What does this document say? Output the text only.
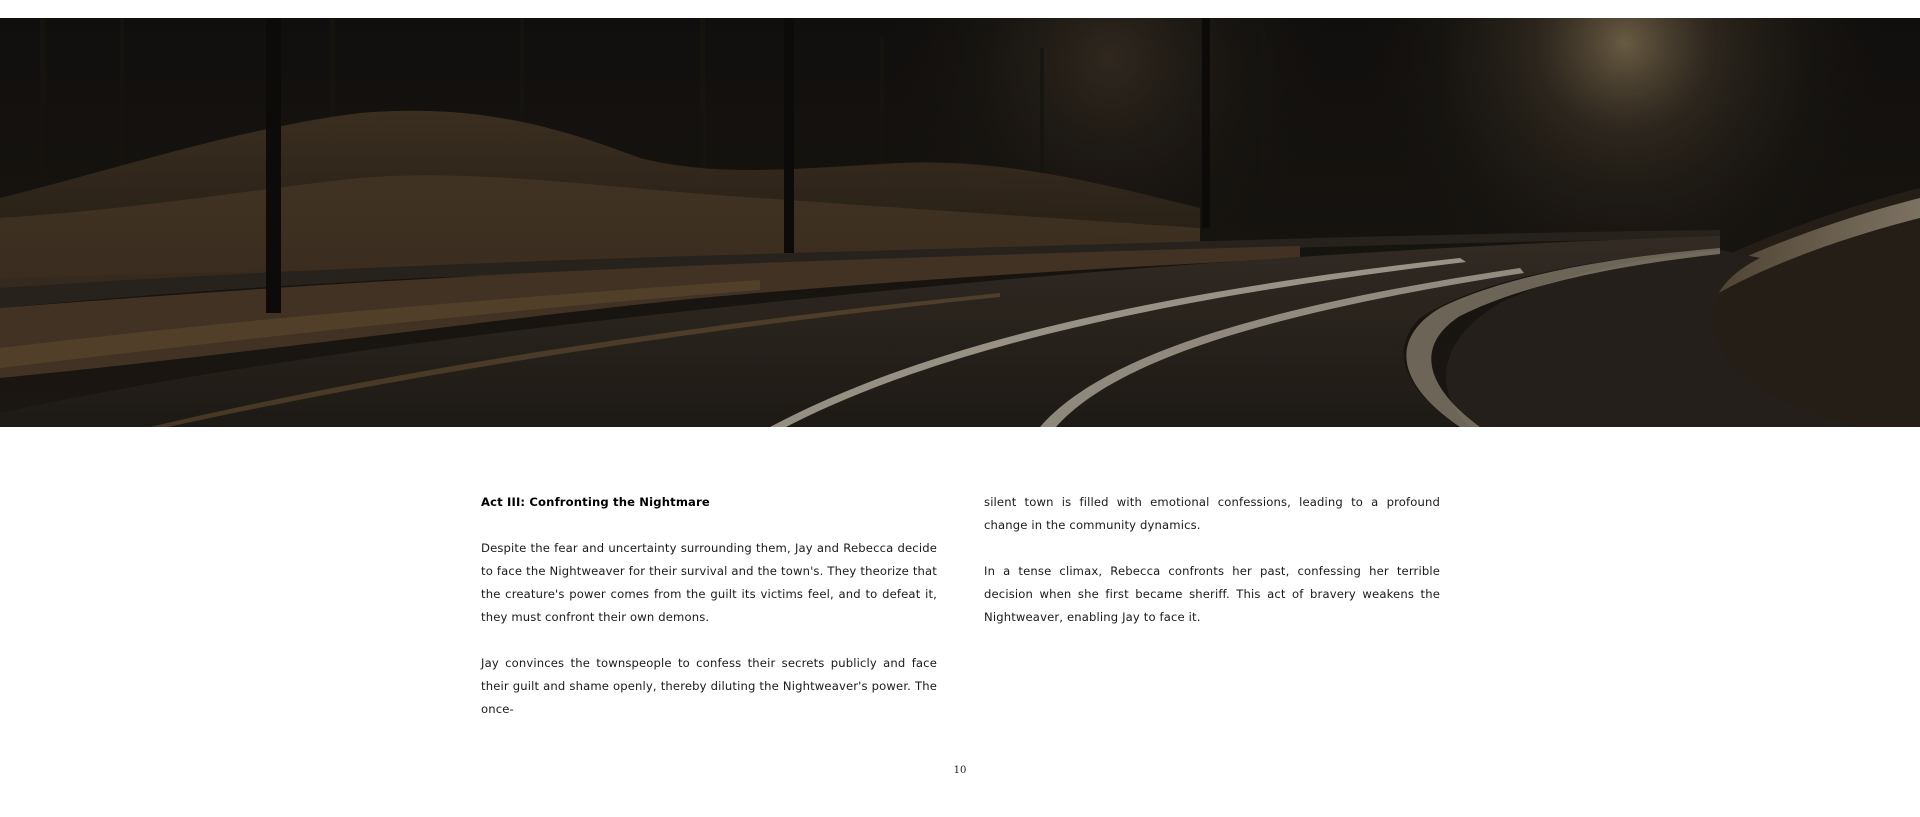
Act III: Confronting the Nightmare

Despite the fear and uncertainty surrounding them, Jay and Rebecca decide to face the Nightweaver for their survival and the town's. They theorize that the creature's power comes from the guilt its victims feel, and to defeat it, they must confront their own demons.

Jay convinces the townspeople to confess their secrets publicly and face their guilt and shame openly, thereby diluting the Nightweaver's power. The once-

silent town is filled with emotional confessions, leading to a profound change in the community dynamics.

In a tense climax, Rebecca confronts her past, confessing her terrible decision when she first became sheriff. This act of bravery weakens the Nightweaver, enabling Jay to face it.

10
